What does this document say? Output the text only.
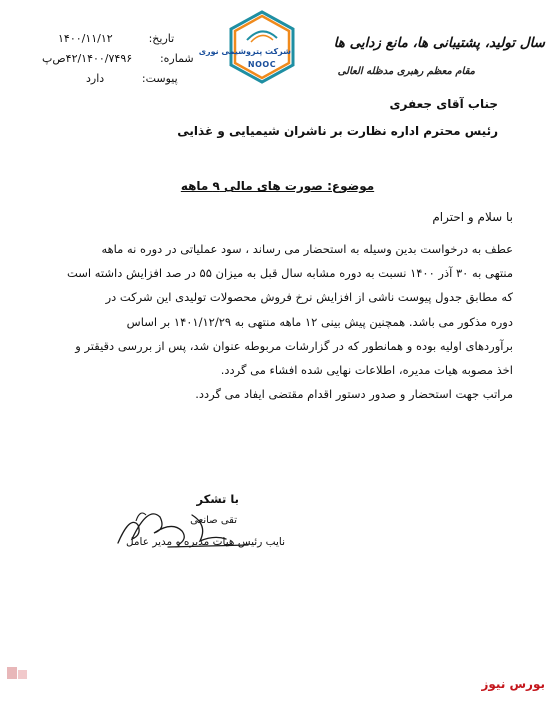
تاریخ: ۱۴۰۰/۱۱/۱۲
شماره: ۴۲/۱۴۰۰/۷۴۹۶ص‌پ
پیوست: دارد
شرکت پتروشیمی نوری
NOOC
سال تولید، پشتیبانی ها، مانع زدایی ها
مقام معظم رهبری مدظله العالی
جناب آقای جعفری
رئیس محترم اداره نظارت بر ناشران شیمیایی و غذایی
موضوع: صورت های مالی ۹ ماهه
با سلام و احترام
عطف به درخواست بدین وسیله به استحضار می رساند ، سود عملیاتی در دوره نه ماهه
منتهی به ۳۰ آذر ۱۴۰۰ نسبت به دوره مشابه سال قبل به میزان ۵۵ در صد افزایش داشته است
که مطابق جدول پیوست ناشی از افزایش نرخ فروش محصولات تولیدی این شرکت در
دوره مذکور می باشد. همچنین پیش بینی ۱۲ ماهه منتهی به ۱۴۰۱/۱۲/۲۹ بر اساس
برآوردهای اولیه بوده و همانطور که در گزارشات مربوطه عنوان شد، پس از بررسی دقیقتر و
اخذ مصوبه هیات مدیره، اطلاعات نهایی شده افشاء می گردد.
مراتب جهت استحضار و صدور دستور اقدام مقتضی ایفاد می گردد.
با تشکر
تقی صانعی
نایب رئیس هیات مدیره و مدیر عامل
بورس نیوز
